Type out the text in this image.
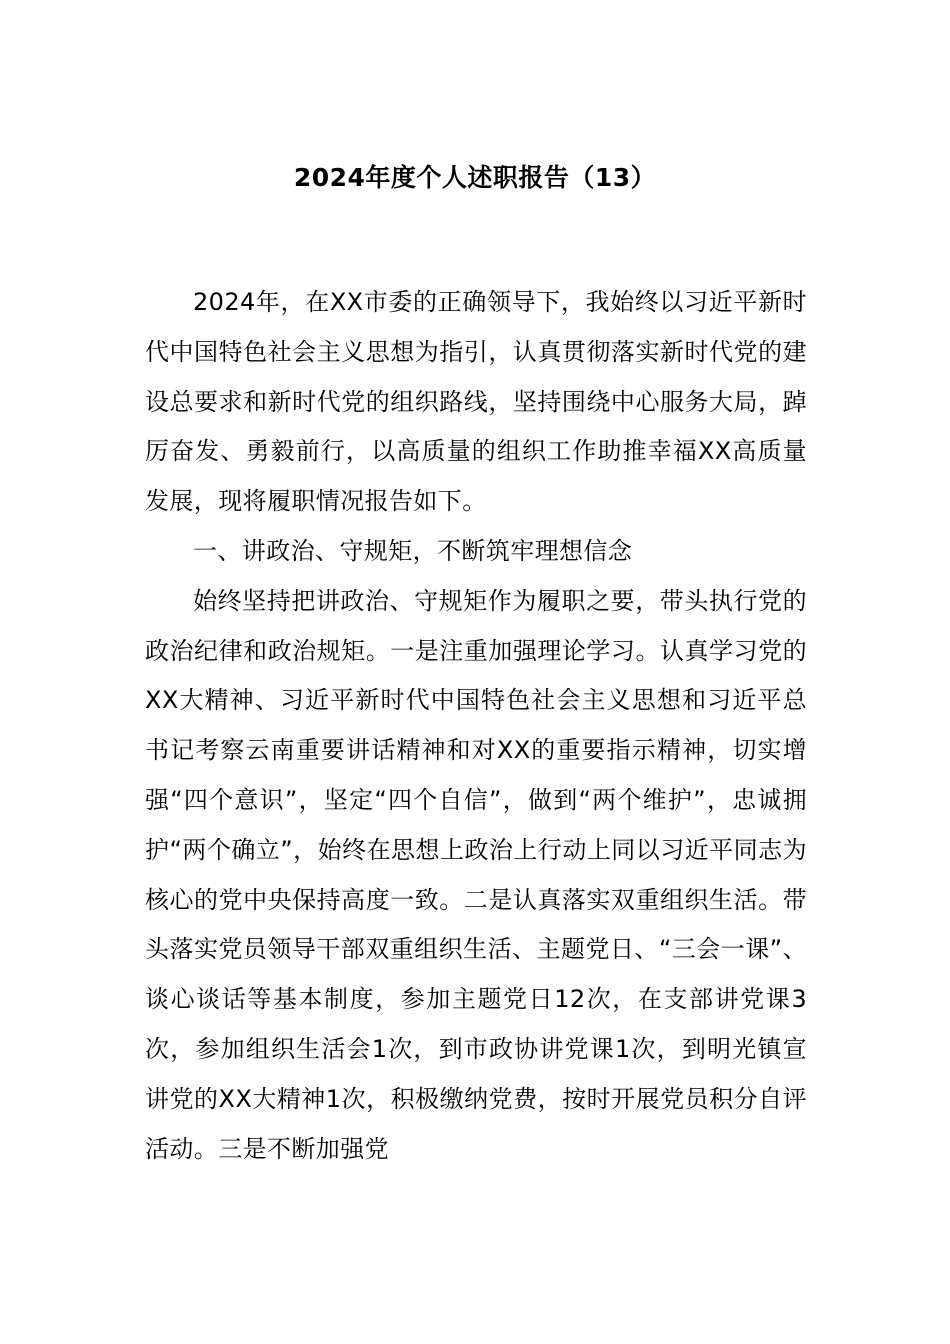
2024年度个人述职报告（13）

2024年，在XX市委的正确领导下，我始终以习近平新时代中国特色社会主义思想为指引，认真贯彻落实新时代党的建设总要求和新时代党的组织路线，坚持围绕中心服务大局，踔厉奋发、勇毅前行，以高质量的组织工作助推幸福XX高质量发展，现将履职情况报告如下。

一、讲政治、守规矩，不断筑牢理想信念

始终坚持把讲政治、守规矩作为履职之要，带头执行党的政治纪律和政治规矩。一是注重加强理论学习。认真学习党的XX大精神、习近平新时代中国特色社会主义思想和习近平总书记考察云南重要讲话精神和对XX的重要指示精神，切实增强“四个意识”，坚定“四个自信”，做到“两个维护”，忠诚拥护“两个确立”，始终在思想上政治上行动上同以习近平同志为核心的党中央保持高度一致。二是认真落实双重组织生活。带头落实党员领导干部双重组织生活、主题党日、“三会一课”、谈心谈话等基本制度，参加主题党日12次，在支部讲党课3次，参加组织生活会1次，到市政协讲党课1次，到明光镇宣讲党的XX大精神1次，积极缴纳党费，按时开展党员积分自评活动。三是不断加强党
